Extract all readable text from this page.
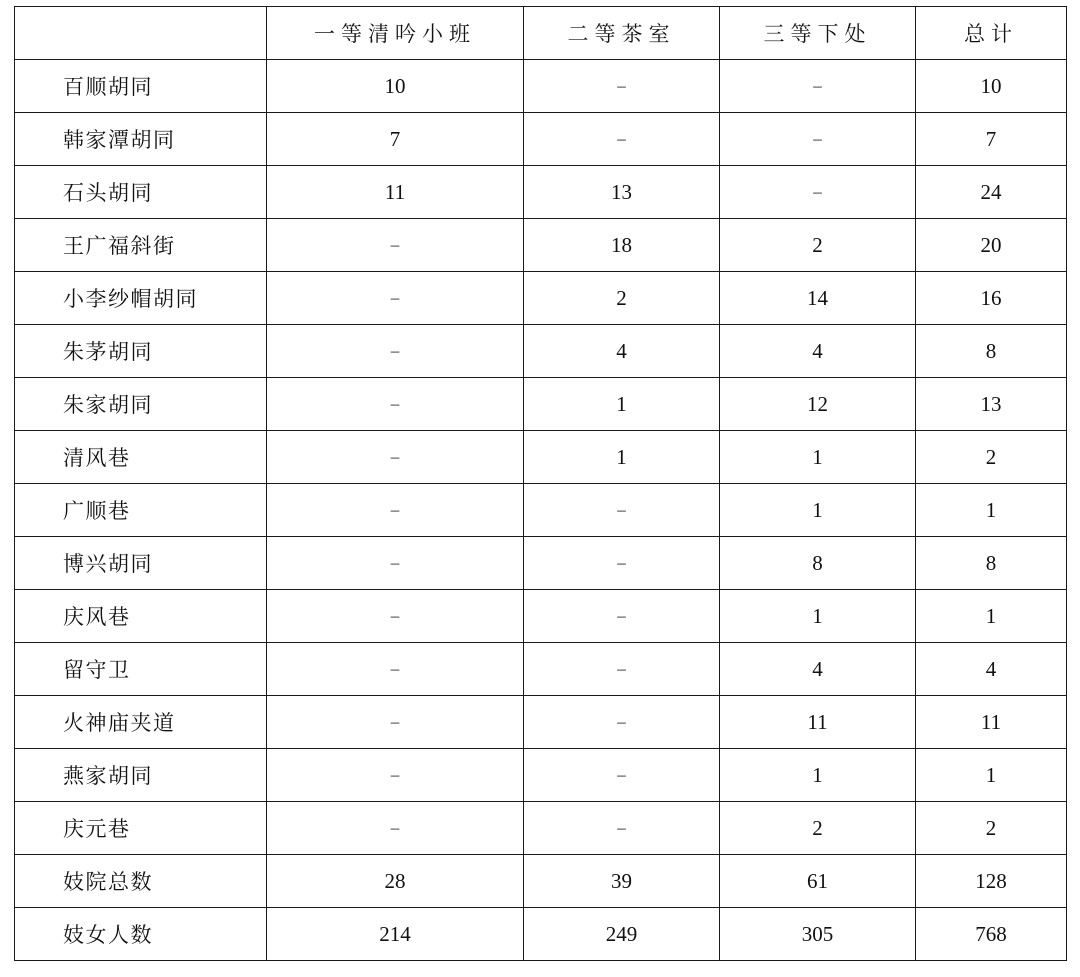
	一等清吟小班	二等茶室	三等下处	总计
百顺胡同	10	–	–	10
韩家潭胡同	7	–	–	7
石头胡同	11	13	–	24
王广福斜街	–	18	2	20
小李纱帽胡同	–	2	14	16
朱茅胡同	–	4	4	8
朱家胡同	–	1	12	13
清风巷	–	1	1	2
广顺巷	–	–	1	1
博兴胡同	–	–	8	8
庆风巷	–	–	1	1
留守卫	–	–	4	4
火神庙夹道	–	–	11	11
燕家胡同	–	–	1	1
庆元巷	–	–	2	2
妓院总数	28	39	61	128
妓女人数	214	249	305	768
